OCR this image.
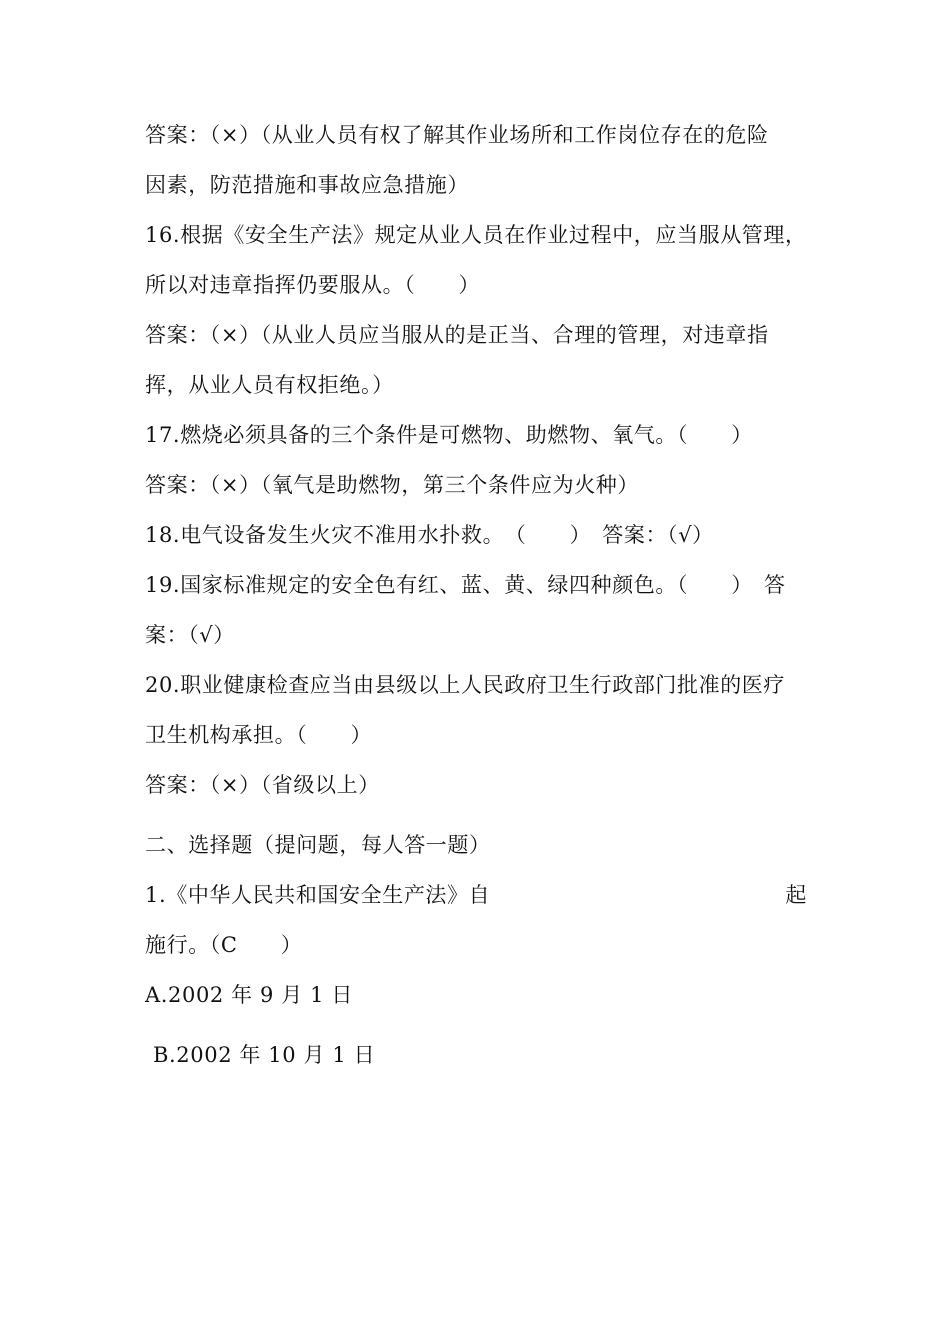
答案：（×）（从业人员有权了解其作业场所和工作岗位存在的危险
因素，防范措施和事故应急措施）
16.根据《安全生产法》规定从业人员在作业过程中，应当服从管理，
所以对违章指挥仍要服从。（　　）
答案：（×）（从业人员应当服从的是正当、合理的管理，对违章指
挥，从业人员有权拒绝。）
17.燃烧必须具备的三个条件是可燃物、助燃物、氧气。（　　）
答案：（×）（氧气是助燃物，第三个条件应为火种）
18.电气设备发生火灾不准用水扑救。　（　　）　答案：（√）
19.国家标准规定的安全色有红、蓝、黄、绿四种颜色。（　　）　答
案：（√）
20.职业健康检查应当由县级以上人民政府卫生行政部门批准的医疗
卫生机构承担。（　　）
答案：（×）（省级以上）
二、选择题（提问题，每人答一题）
1.《中华人民共和国安全生产法》自	起
施行。（C　　）
A.2002 年 9 月 1 日
B.2002 年 10 月 1 日
